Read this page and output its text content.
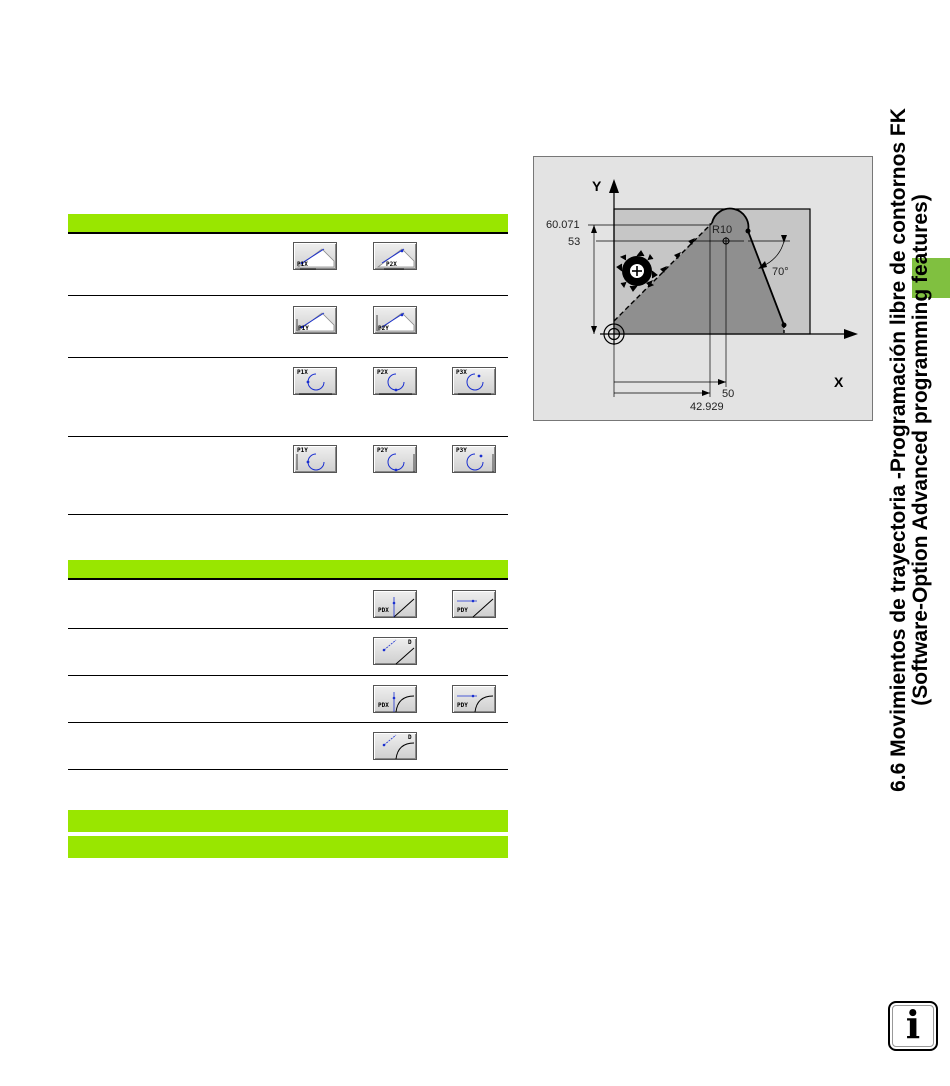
P1X	P2X
P1Y	P2Y
P1X	P2X	P3X
P1Y	P2Y	P3Y
PDX	PDY
D
PDX	PDY
D
X
Y
60.071
53
50
42.929
R10
70°	6.6 Movimientos de trayectoria -Programación libre de contornos FK (Software-Option Advanced programming features)
i
